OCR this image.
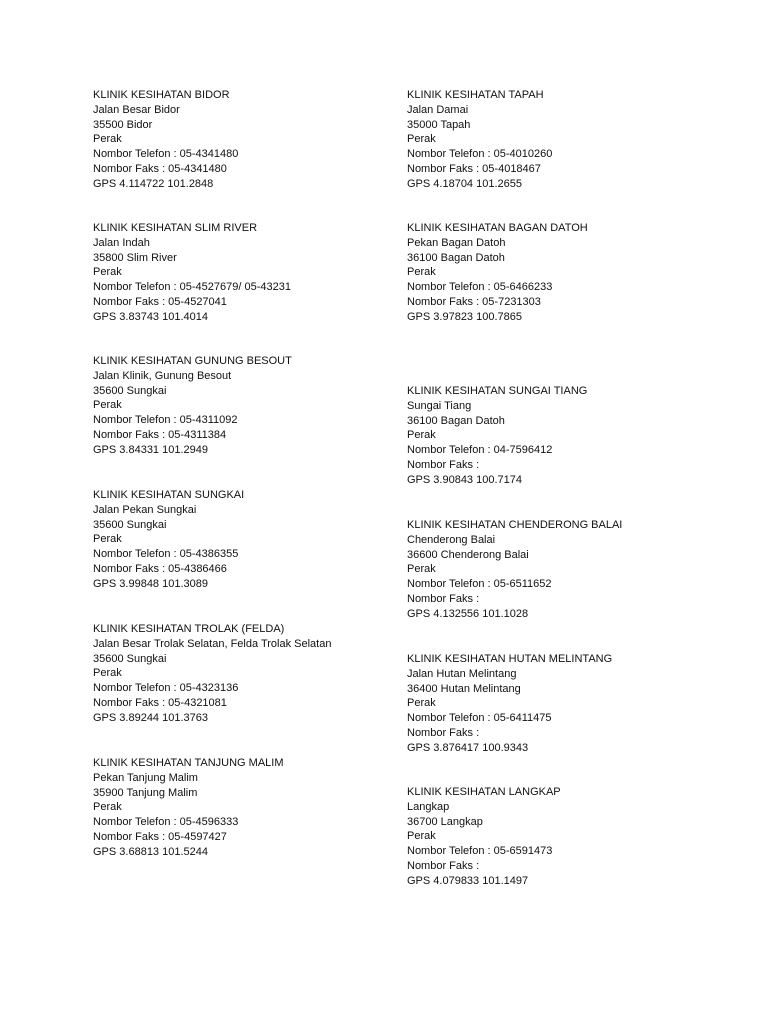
KLINIK KESIHATAN BIDOR
Jalan Besar Bidor
35500 Bidor
Perak
Nombor Telefon : 05-4341480
Nombor Faks : 05-4341480
GPS 4.114722 101.2848
KLINIK KESIHATAN SLIM RIVER
Jalan Indah
35800 Slim River
Perak
Nombor Telefon : 05-4527679/ 05-43231
Nombor Faks : 05-4527041
GPS 3.83743 101.4014
KLINIK KESIHATAN GUNUNG BESOUT
Jalan Klinik, Gunung Besout
35600 Sungkai
Perak
Nombor Telefon : 05-4311092
Nombor Faks : 05-4311384
GPS 3.84331 101.2949
KLINIK KESIHATAN SUNGKAI
Jalan Pekan Sungkai
35600 Sungkai
Perak
Nombor Telefon : 05-4386355
Nombor Faks : 05-4386466
GPS 3.99848 101.3089
KLINIK KESIHATAN TROLAK (FELDA)
Jalan Besar Trolak Selatan, Felda Trolak Selatan
35600 Sungkai
Perak
Nombor Telefon : 05-4323136
Nombor Faks : 05-4321081
GPS 3.89244 101.3763
KLINIK KESIHATAN TANJUNG MALIM
Pekan Tanjung Malim
35900 Tanjung Malim
Perak
Nombor Telefon : 05-4596333
Nombor Faks : 05-4597427
GPS 3.68813 101.5244
KLINIK KESIHATAN TAPAH
Jalan Damai
35000 Tapah
Perak
Nombor Telefon : 05-4010260
Nombor Faks : 05-4018467
GPS 4.18704 101.2655
KLINIK KESIHATAN BAGAN DATOH
Pekan Bagan Datoh
36100 Bagan Datoh
Perak
Nombor Telefon : 05-6466233
Nombor Faks : 05-7231303
GPS 3.97823 100.7865
KLINIK KESIHATAN SUNGAI TIANG
Sungai Tiang
36100 Bagan Datoh
Perak
Nombor Telefon : 04-7596412
Nombor Faks :
GPS 3.90843 100.7174
KLINIK KESIHATAN CHENDERONG BALAI
Chenderong Balai
36600 Chenderong Balai
Perak
Nombor Telefon : 05-6511652
Nombor Faks :
GPS 4.132556 101.1028
KLINIK KESIHATAN HUTAN MELINTANG
Jalan Hutan Melintang
36400 Hutan Melintang
Perak
Nombor Telefon : 05-6411475
Nombor Faks :
GPS 3.876417 100.9343
KLINIK KESIHATAN LANGKAP
Langkap
36700 Langkap
Perak
Nombor Telefon : 05-6591473
Nombor Faks :
GPS 4.079833 101.1497
